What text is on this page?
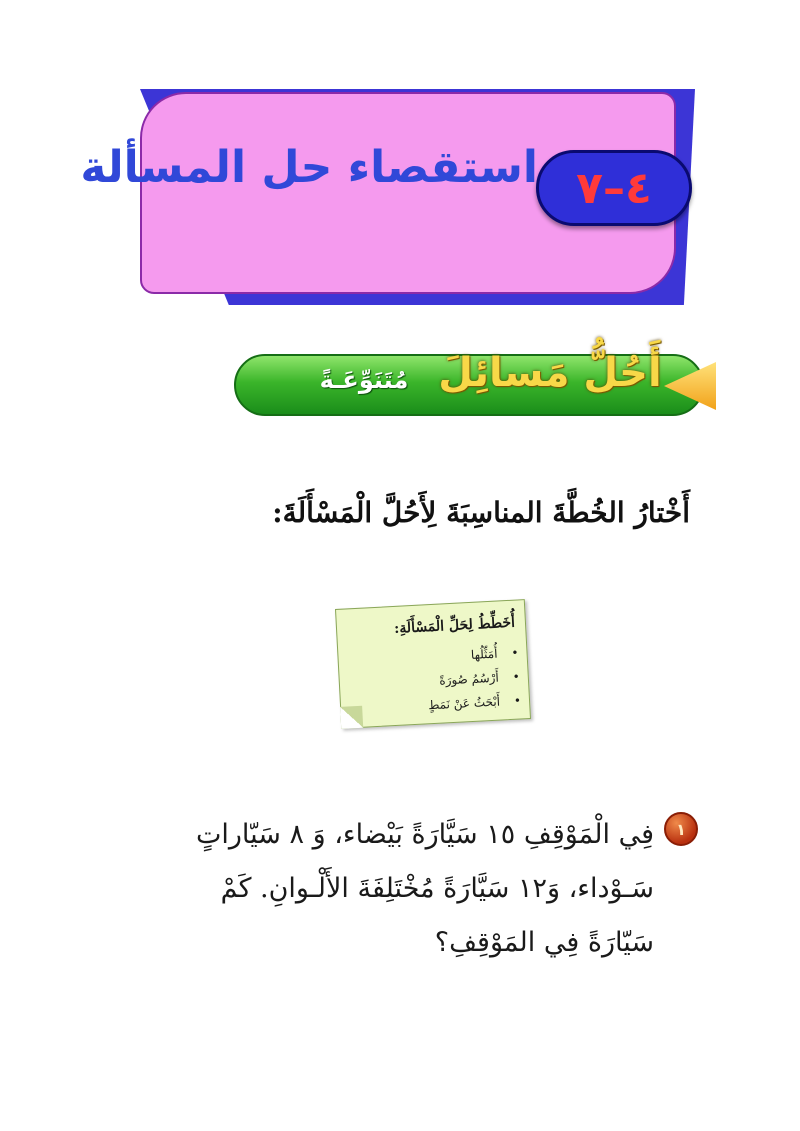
استقصاء حل المسألة ٤–٧
أَحُلُّ مَسائِلَ
مُتَنَوِّعَـةً
أَخْتارُ الخُطَّةَ المناسِبَةَ لِأَحُلَّ الْمَسْأَلَةَ:
أُخَطِّطُ لِحَلِّ الْمَسْأَلَةِ:
•أُمَثِّلُها
•أَرْسُمُ صُورَةً
•أَبْحَثُ عَنْ نَمَطٍ
١
فِي الْمَوْقِفِ ١٥ سَيَّارَةً بَيْضاء، وَ ٨ سَيّاراتٍ سَـوْداء، وَ١٢ سَيَّارَةً مُخْتَلِفَةَ الأَلْـوانِ. كَمْ سَيّارَةً فِي المَوْقِفِ؟
